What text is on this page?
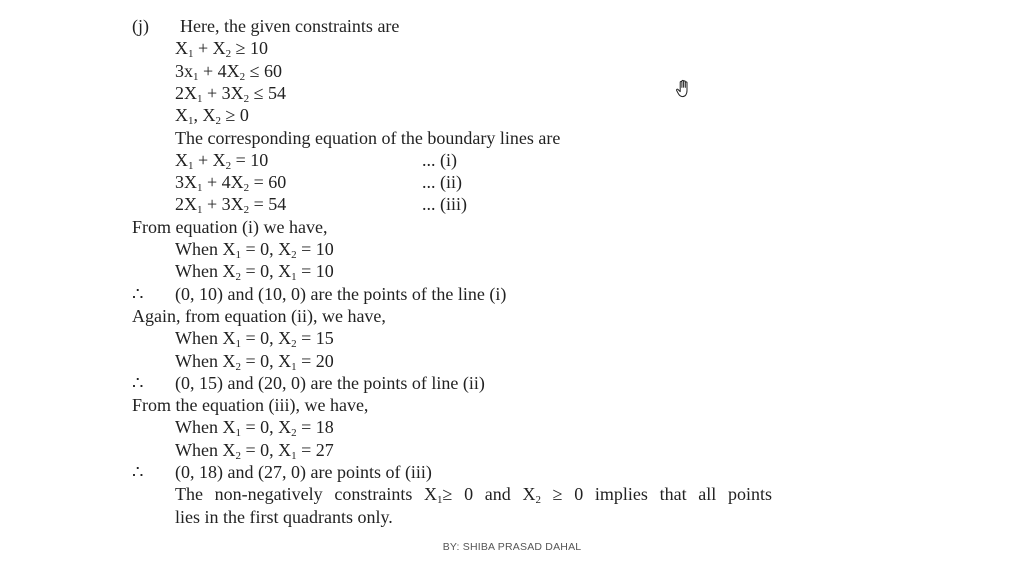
(j) Here, the given constraints are
$X_1 + X_2 \ge 10$
$3x_1 + 4X_2 \le 60$
$2X_1 + 3X_2 \le 54$
$X_1$, $X_2 \ge 0$
The corresponding equation of the boundary lines are
$X_1 + X_2 = 10$	... (i)
$3X_1 + 4X_2 = 60$	... (ii)
$2X_1 + 3X_2 = 54$	... (iii)
From equation (i) we have,
When $X_1 = 0$, $X_2 = 10$
When $X_2 = 0$, $X_1 = 10$
∴ (0, 10) and (10, 0) are the points of the line (i)
Again, from equation (ii), we have,
When $X_1 = 0$, $X_2 = 15$
When $X_2 = 0$, $X_1 = 20$
∴ (0, 15) and (20, 0) are the points of line (ii)
From the equation (iii), we have,
When $X_1 = 0$, $X_2 = 18$
When $X_2 = 0$, $X_1 = 27$
∴ (0, 18) and (27, 0) are points of (iii)
The non-negatively constraints $X_1\ge 0$ and $X_2 \ge 0$ implies that all points
lies in the first quadrants only.
BY: SHIBA PRASAD DAHAL
